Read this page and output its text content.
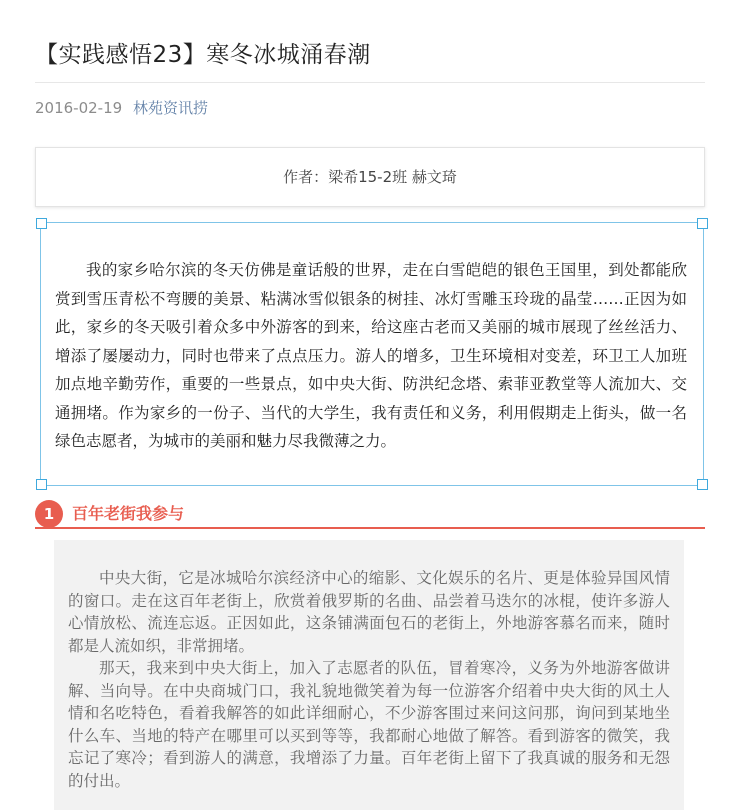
【实践感悟23】寒冬冰城涌春潮
2016-02-19 林苑资讯捞
作者：梁希15-2班 赫文琦

我的家乡哈尔滨的冬天仿佛是童话般的世界，走在白雪皑皑的银色王国里，到处都能欣赏到雪压青松不弯腰的美景、粘满冰雪似银条的树挂、冰灯雪雕玉玲珑的晶莹……正因为如此，家乡的冬天吸引着众多中外游客的到来，给这座古老而又美丽的城市展现了丝丝活力、增添了屡屡动力，同时也带来了点点压力。游人的增多，卫生环境相对变差，环卫工人加班加点地辛勤劳作，重要的一些景点，如中央大街、防洪纪念塔、索菲亚教堂等人流加大、交通拥堵。作为家乡的一份子、当代的大学生，我有责任和义务，利用假期走上街头，做一名绿色志愿者，为城市的美丽和魅力尽我微薄之力。

1	百年老街我参与

中央大街，它是冰城哈尔滨经济中心的缩影、文化娱乐的名片、更是体验异国风情的窗口。走在这百年老街上，欣赏着俄罗斯的名曲、品尝着马迭尔的冰棍，使许多游人心情放松、流连忘返。正因如此，这条铺满面包石的老街上，外地游客慕名而来，随时都是人流如织，非常拥堵。

那天，我来到中央大街上，加入了志愿者的队伍，冒着寒冷，义务为外地游客做讲解、当向导。在中央商城门口，我礼貌地微笑着为每一位游客介绍着中央大街的风土人情和名吃特色，看着我解答的如此详细耐心，不少游客围过来问这问那，询问到某地坐什么车、当地的特产在哪里可以买到等等，我都耐心地做了解答。看到游客的微笑，我忘记了寒冷；看到游人的满意，我增添了力量。百年老街上留下了我真诚的服务和无怨的付出。
